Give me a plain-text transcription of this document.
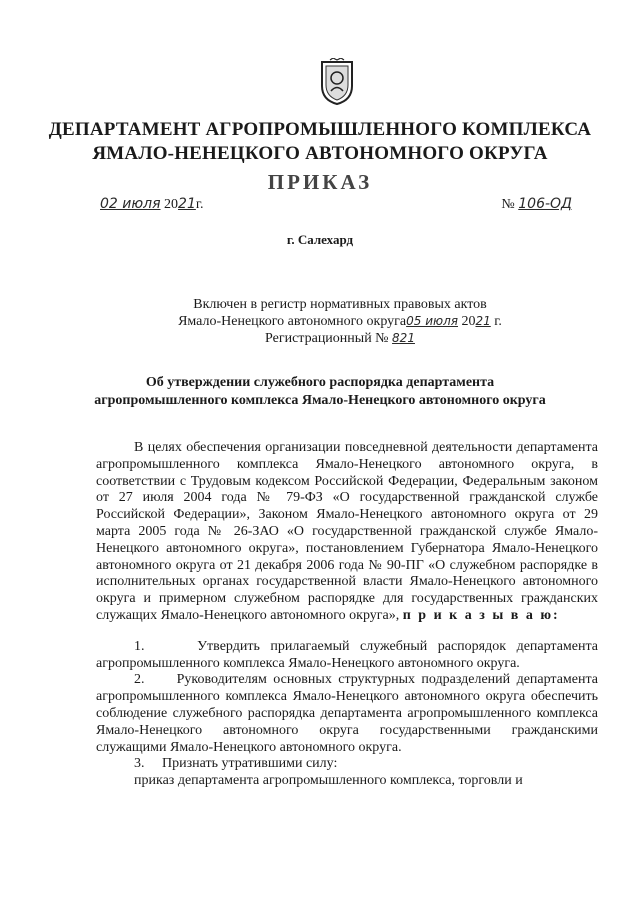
ДЕПАРТАМЕНТ АГРОПРОМЫШЛЕННОГО КОМПЛЕКСА
ЯМАЛО-НЕНЕЦКОГО АВТОНОМНОГО ОКРУГА
ПРИКАЗ
02 июля 2021г.	№ 106-ОД
г. Салехард
Включен в регистр нормативных правовых актов
Ямало-Ненецкого автономного округа05 июля 2021 г.
Регистрационный № 821
Об утверждении служебного распорядка департамента
агропромышленного комплекса Ямало-Ненецкого автономного округа

В целях обеспечения организации повседневной деятельности департамента агропромышленного комплекса Ямало-Ненецкого автономного округа, в соответствии с Трудовым кодексом Российской Федерации, Федеральным законом от 27 июля 2004 года № 79-ФЗ «О государственной гражданской службе Российской Федерации», Законом Ямало-Ненецкого автономного округа от 29 марта 2005 года № 26-ЗАО «О государственной гражданской службе Ямало-Ненецкого автономного округа», постановлением Губернатора Ямало-Ненецкого автономного округа от 21 декабря 2006 года № 90-ПГ «О служебном распорядке в исполнительных органах государственной власти Ямало-Ненецкого автономного округа и примерном служебном распорядке для государственных гражданских служащих Ямало-Ненецкого автономного округа», п р и к а з ы в а ю:

1.     Утвердить прилагаемый служебный распорядок департамента агропромышленного комплекса Ямало-Ненецкого автономного округа.

2.     Руководителям основных структурных подразделений департамента агропромышленного комплекса Ямало-Ненецкого автономного округа обеспечить соблюдение служебного распорядка департамента агропромышленного комплекса Ямало-Ненецкого автономного округа государственными гражданскими служащими Ямало-Ненецкого автономного округа.

3.     Признать утратившими силу:

приказ департамента агропромышленного комплекса, торговли и
